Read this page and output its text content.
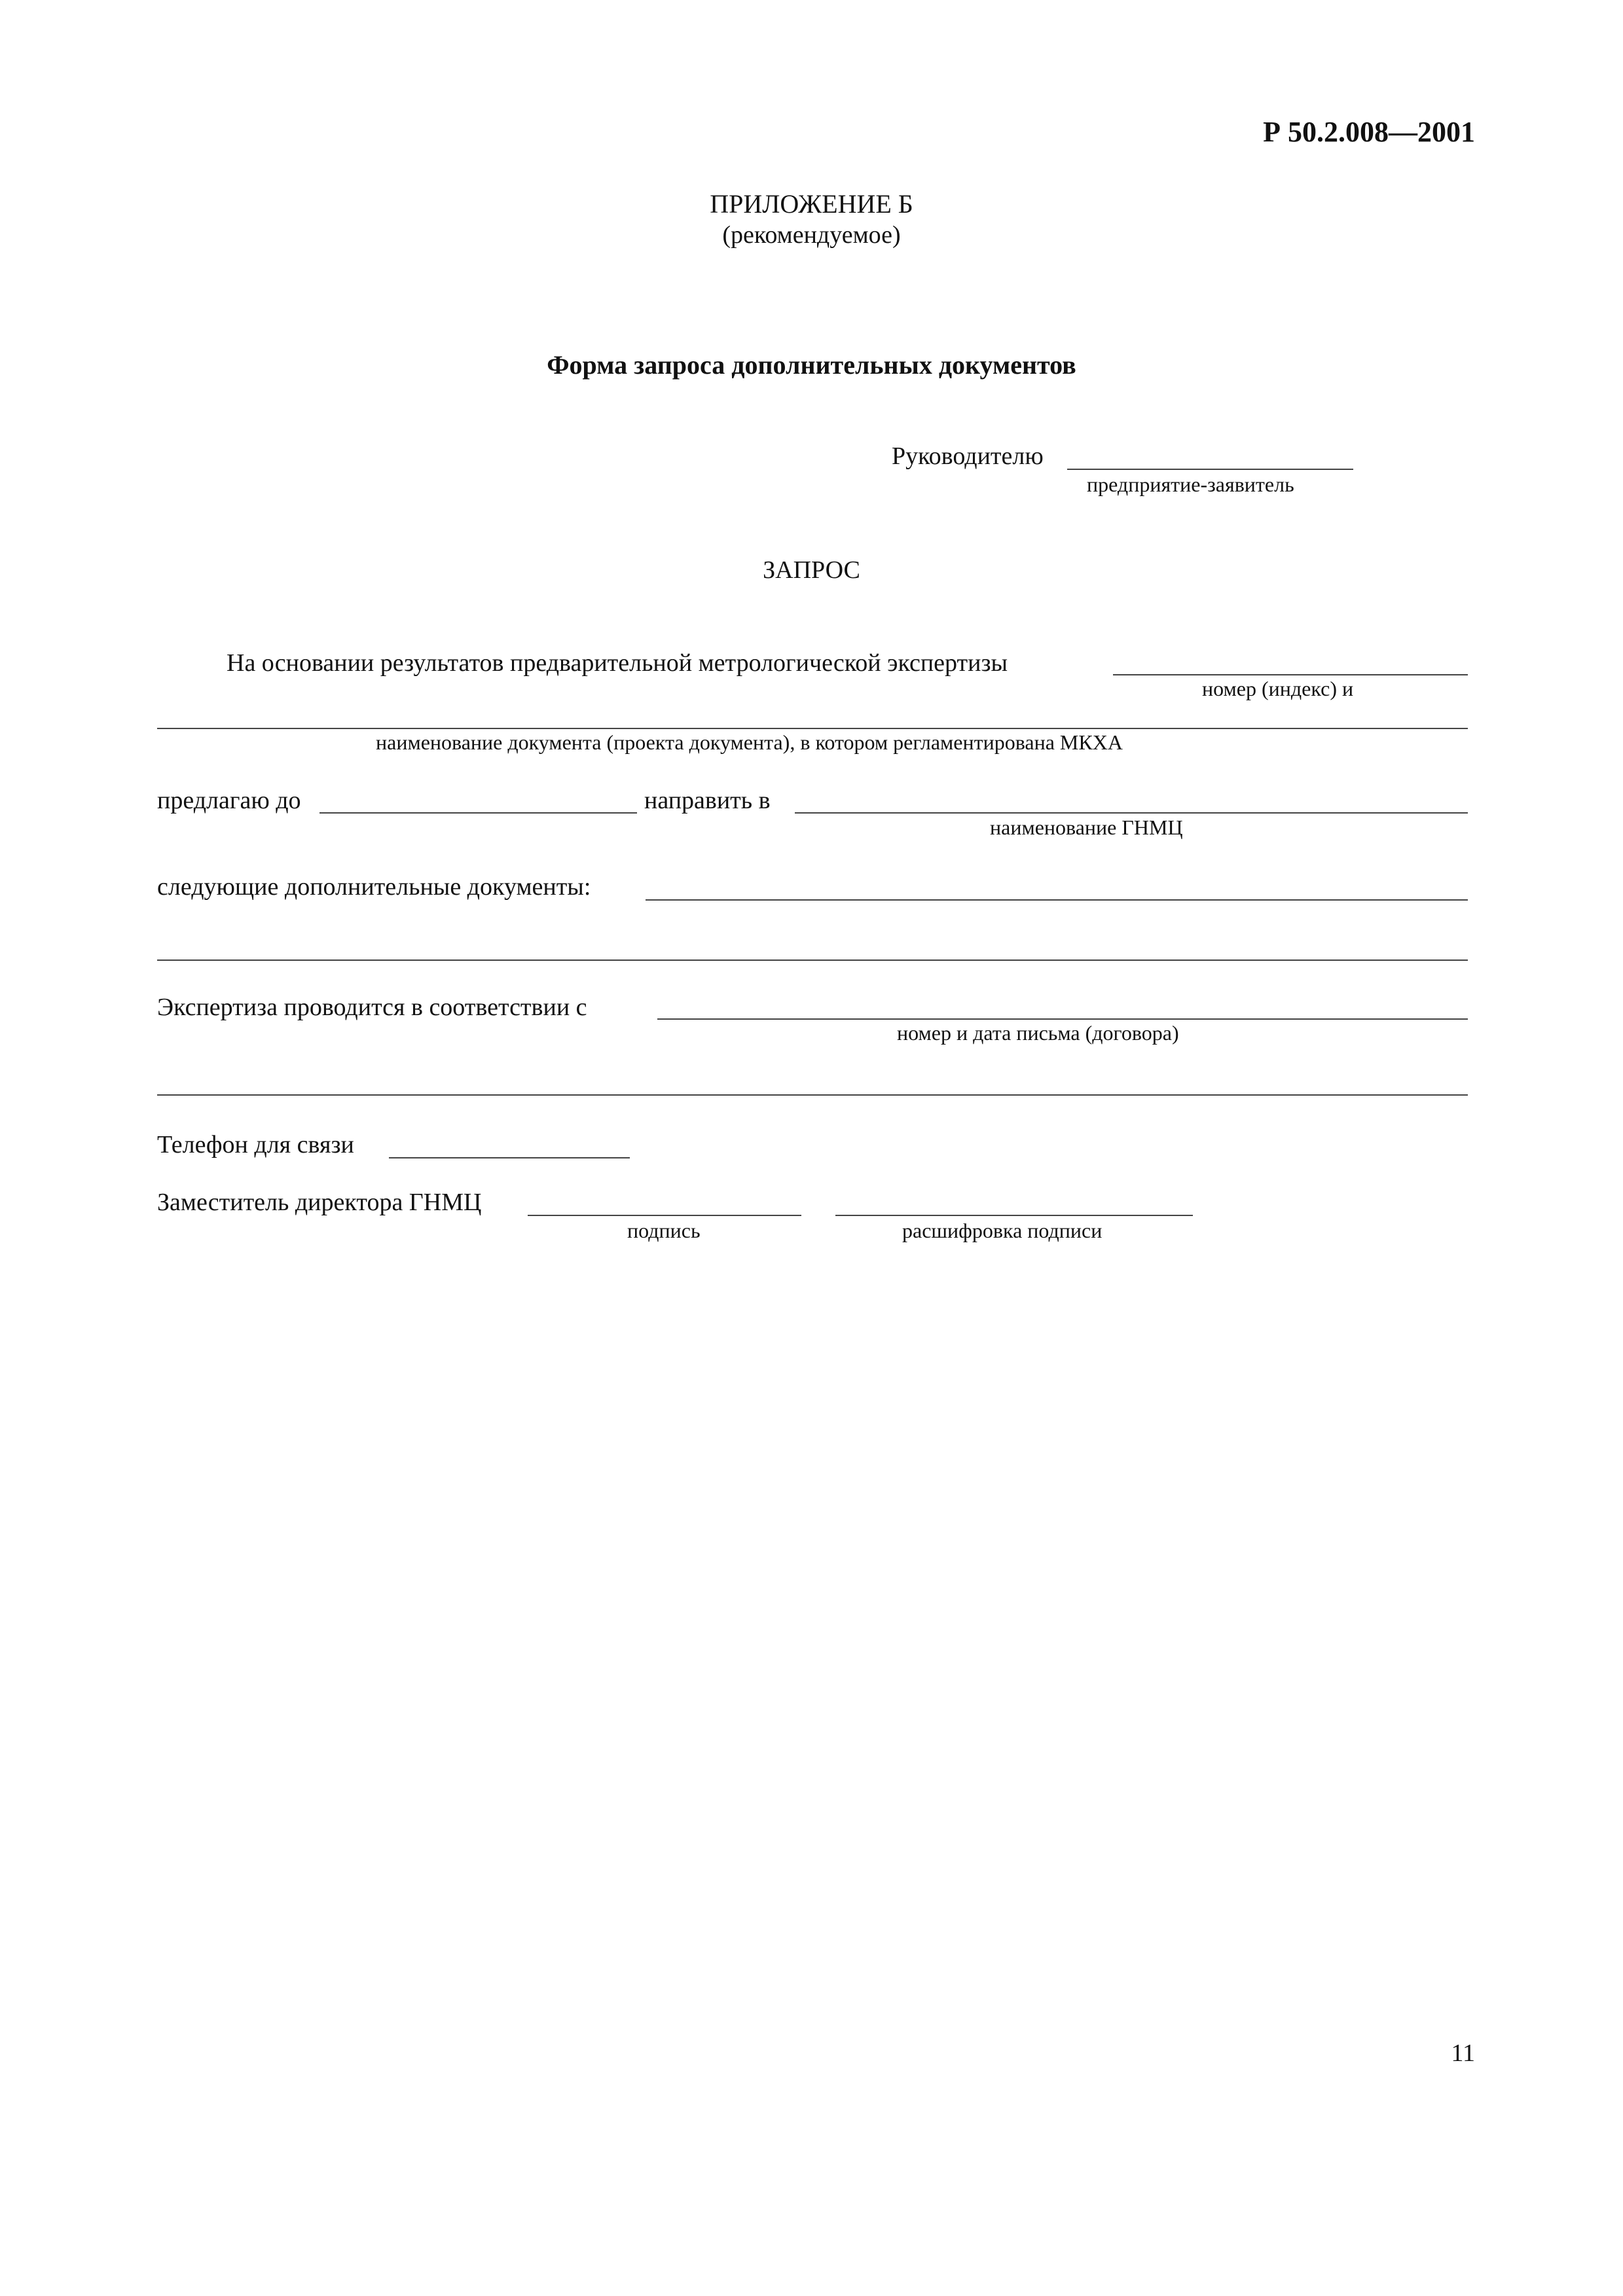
Р 50.2.008—2001
ПРИЛОЖЕНИЕ Б
(рекомендуемое)
Форма запроса дополнительных документов
Руководителю
предприятие-заявитель
ЗАПРОС
На основании результатов предварительной метрологической экспертизы
номер (индекс) и
наименование документа (проекта документа), в котором регламентирована МКХА
предлагаю до	направить в
наименование ГНМЦ
следующие дополнительные документы:
Экспертиза проводится в соответствии с
номер и дата письма (договора)
Телефон для связи
Заместитель директора ГНМЦ
подпись	расшифровка подписи
11
